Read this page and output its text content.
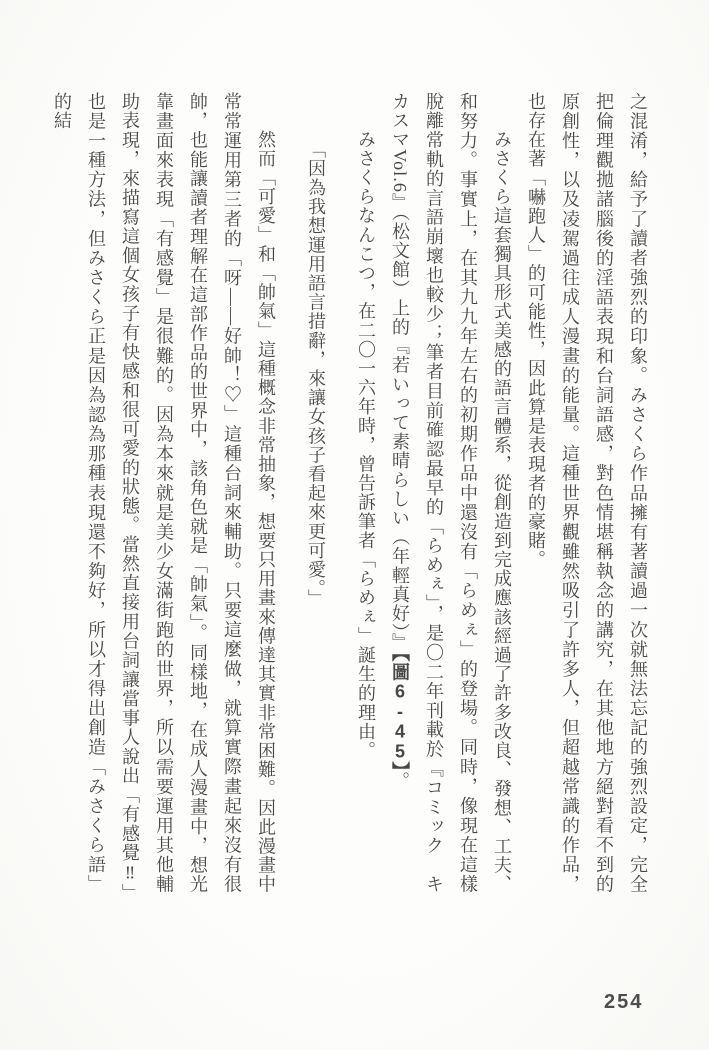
之混淆，給予了讀者強烈的印象。みさくら作品擁有著讀過一次就無法忘記的強烈設定，完全把倫理觀拋諸腦後的淫語表現和台詞語感，對色情堪稱執念的講究，在其他地方絕對看不到的原創性，以及凌駕過往成人漫畫的能量。這種世界觀雖然吸引了許多人，但超越常識的作品，也存在著「嚇跑人」的可能性，因此算是表現者的豪賭。

みさくら這套獨具形式美感的語言體系，從創造到完成應該經過了許多改良、發想、工夫、和努力。事實上，在其九九年左右的初期作品中還沒有「らめぇ」的登場。同時，像現在這樣脫離常軌的言語崩壞也較少；筆者目前確認最早的「らめぇ」，是〇二年刊載於『コミック　キカスマVol.6』（松文館）上的『若いって素晴らしい（年輕真好）』【圖6-45】。

みさくらなんこつ，在二〇一六年時，曾告訴筆者「らめぇ」誕生的理由。

「因為我想運用語言措辭，來讓女孩子看起來更可愛。」

然而「可愛」和「帥氣」這種概念非常抽象，想要只用畫來傳達其實非常困難。因此漫畫中常常運用第三者的「呀——好帥！♡」這種台詞來輔助。只要這麼做，就算實際畫起來沒有很帥，也能讓讀者理解在這部作品的世界中，該角色就是「帥氣」。同樣地，在成人漫畫中，想光靠畫面來表現「有感覺」是很難的。因為本來就是美少女滿街跑的世界，所以需要運用其他輔助表現，來描寫這個女孩子有快感和很可愛的狀態。當然直接用台詞讓當事人說出「有感覺‼」也是一種方法，但みさくら正是因為認為那種表現還不夠好，所以才得出創造「みさくら語」的結

254
